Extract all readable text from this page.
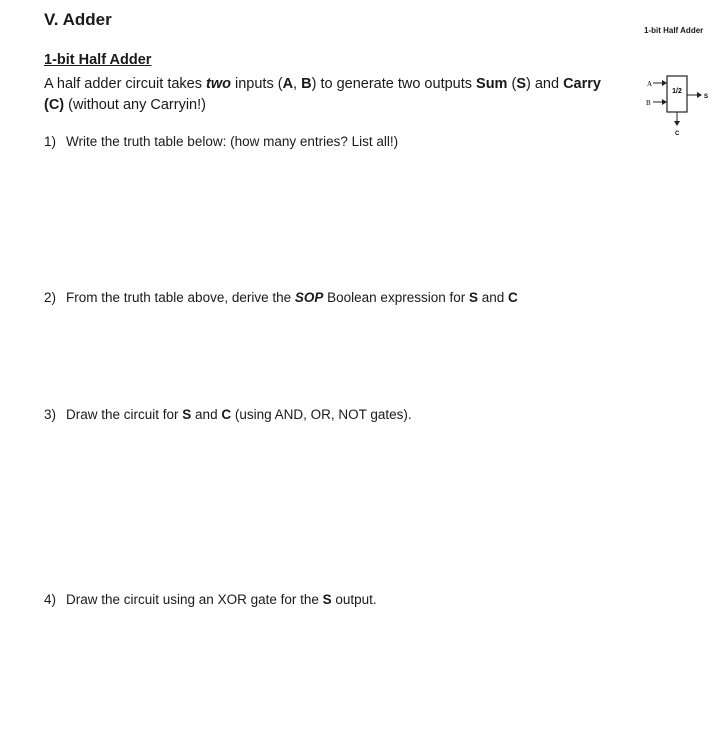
V. Adder
1-bit Half Adder
A half adder circuit takes two inputs (A, B) to generate two outputs Sum (S) and Carry
(C) (without any Carryin!)
1) Write the truth table below: (how many entries? List all!)
2) From the truth table above, derive the SOP Boolean expression for S and C
3) Draw the circuit for S and C (using AND, OR, NOT gates).
4) Draw the circuit using an XOR gate for the S output.
1-bit Half Adder
1/2
A
B
S
C
